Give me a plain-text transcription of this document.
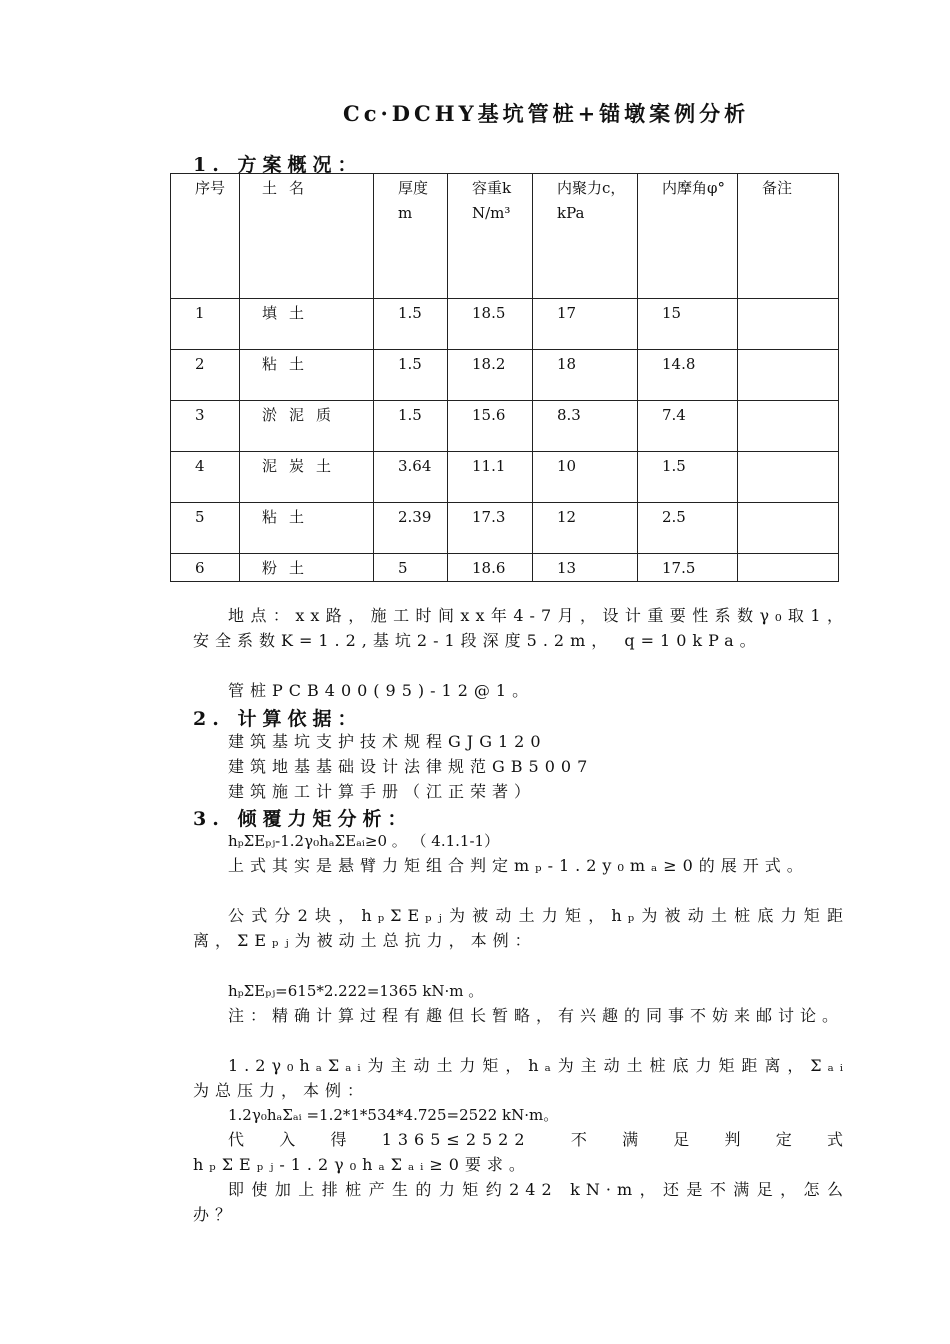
Cc·DCHY基坑管桩+锚墩案例分析
1. 方案概况：
序号	土名	厚度m	容重kN/m³	内聚力c，kPa	内摩角φ°	备注
1	填土	1.5	18.5	17	15	
2	粘土	1.5	18.2	18	14.8	
3	淤泥质	1.5	15.6	8.3	7.4	
4	泥炭土	3.64	11.1	10	1.5	
5	粘土	2.39	17.3	12	2.5	
6	粉土	5	18.6	13	17.5	
地点：xx路，施工时间xx年4-7月，设计重要性系数γ₀取1，安全系数K=1.2,基坑2-1段深度5.2m， q=10kPa。
管桩PCB400(95)-12@1。
2. 计算依据：
建筑基坑支护技术规程GJG120
建筑地基基础设计法律规范GB5007
建筑施工计算手册（江正荣著）
3. 倾覆力矩分析：
hₚΣEₚⱼ-1.2γ₀hₐΣEₐᵢ≥0 。 （ 4.1.1-1）
上式其实是悬臂力矩组合判定mₚ-1.2y₀mₐ≥0的展开式。
公式分2块，hₚΣEₚⱼ为被动土力矩，hₚ为被动土桩底力矩距离，ΣEₚⱼ为被动土总抗力，本例：
hₚΣEₚⱼ=615*2.222=1365 kN·m 。
注：精确计算过程有趣但长暂略，有兴趣的同事不妨来邮讨论。
1.2γ₀hₐΣₐᵢ为主动土力矩，hₐ为主动土桩底力矩距离，Σₐᵢ为总压力，本例：
1.2γ₀hₐΣₐᵢ =1.2*1*534*4.725=2522 kN·m。
代入得1365≤2522 不满足判定式hₚΣEₚⱼ-1.2γ₀hₐΣₐᵢ≥0要求。
即使加上排桩产生的力矩约242 kN·m，还是不满足，怎么办？
